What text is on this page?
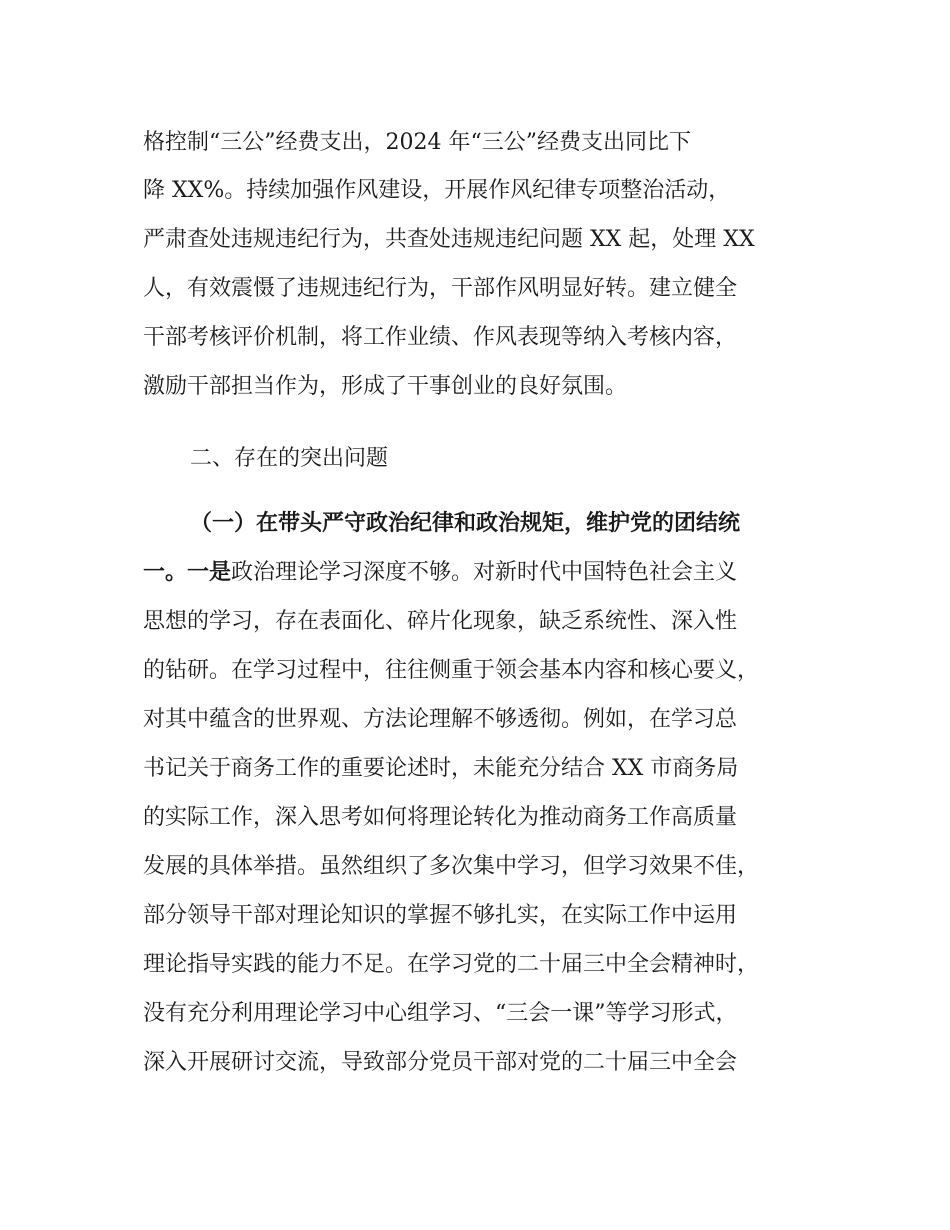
格控制“三公”经费支出，2024 年“三公”经费支出同比下
降 XX%。持续加强作风建设，开展作风纪律专项整治活动，
严肃查处违规违纪行为，共查处违规违纪问题 XX 起，处理 XX
人，有效震慑了违规违纪行为，干部作风明显好转。建立健全
干部考核评价机制，将工作业绩、作风表现等纳入考核内容，
激励干部担当作为，形成了干事创业的良好氛围。
二、存在的突出问题
（一）在带头严守政治纪律和政治规矩，维护党的团结统
一。一是政治理论学习深度不够。对新时代中国特色社会主义
思想的学习，存在表面化、碎片化现象，缺乏系统性、深入性
的钻研。在学习过程中，往往侧重于领会基本内容和核心要义，
对其中蕴含的世界观、方法论理解不够透彻。例如，在学习总
书记关于商务工作的重要论述时，未能充分结合 XX 市商务局
的实际工作，深入思考如何将理论转化为推动商务工作高质量
发展的具体举措。虽然组织了多次集中学习，但学习效果不佳，
部分领导干部对理论知识的掌握不够扎实，在实际工作中运用
理论指导实践的能力不足。在学习党的二十届三中全会精神时，
没有充分利用理论学习中心组学习、“三会一课”等学习形式，
深入开展研讨交流，导致部分党员干部对党的二十届三中全会
